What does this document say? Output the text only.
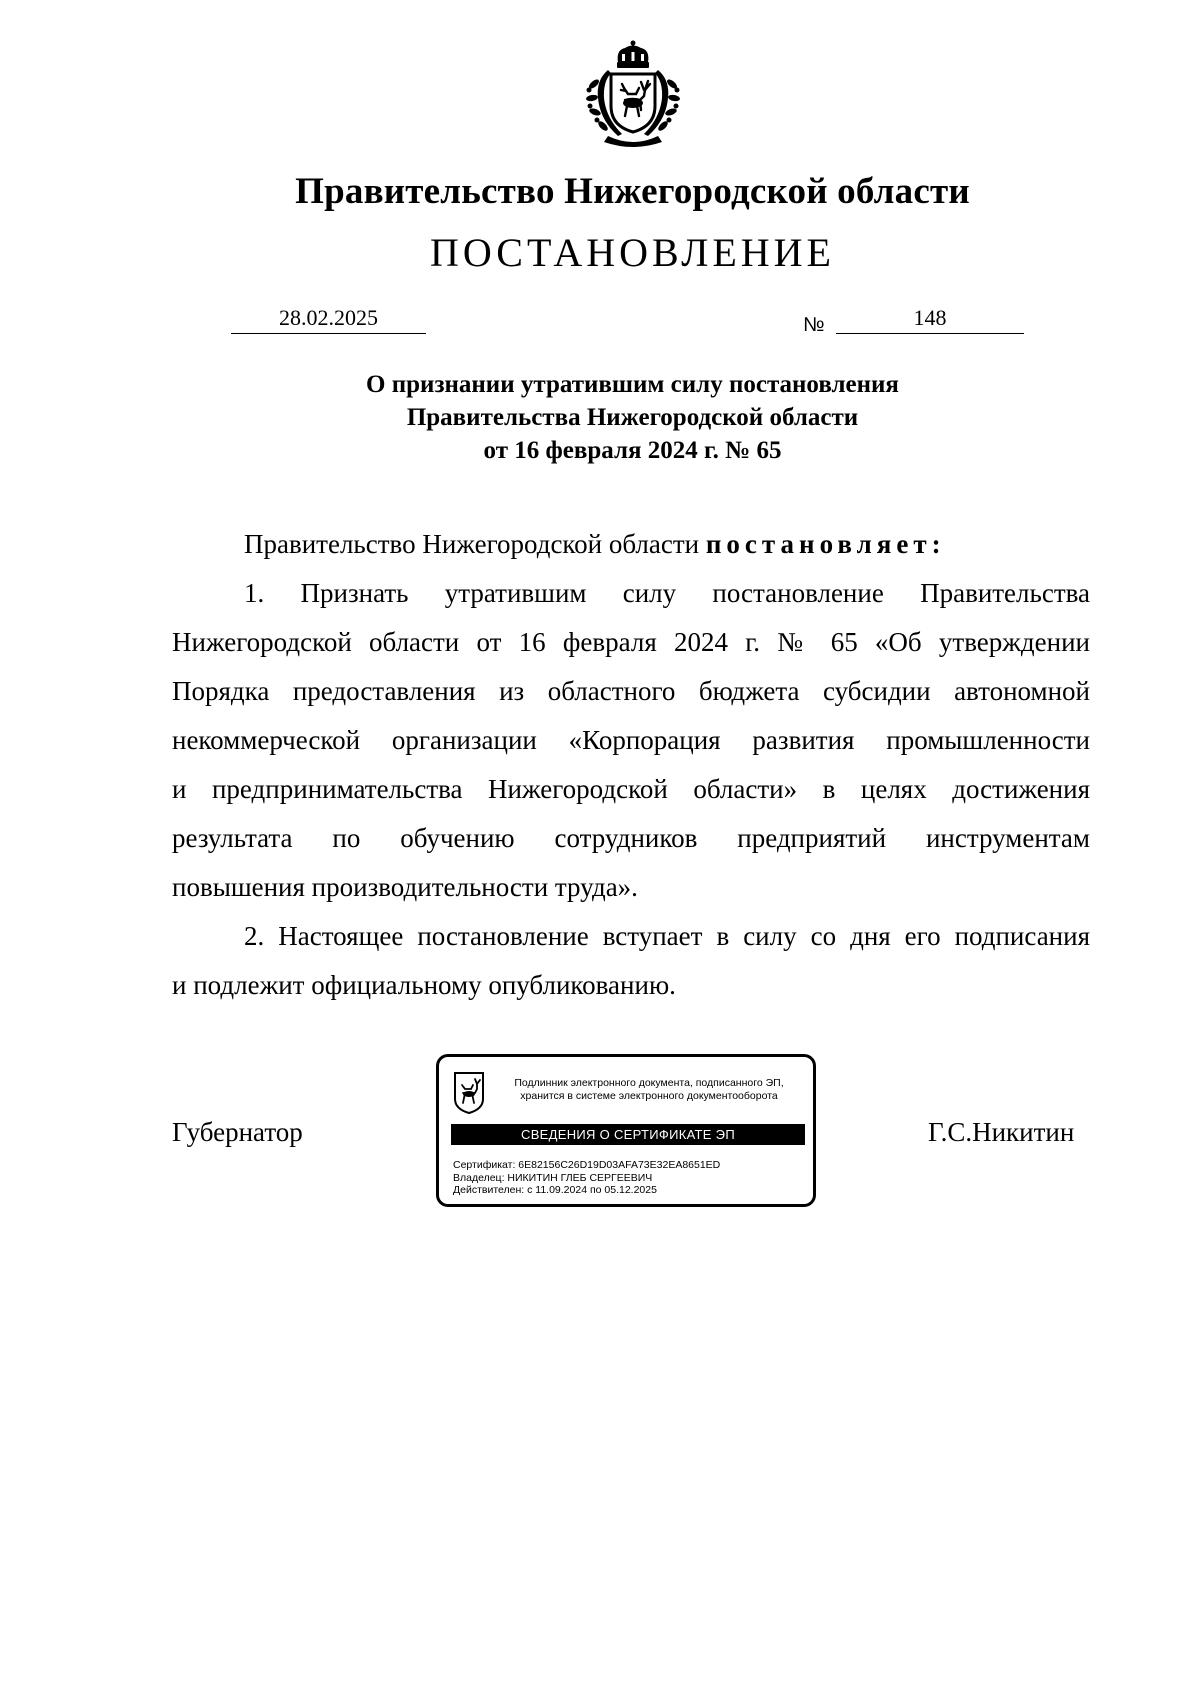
Правительство Нижегородской области
ПОСТАНОВЛЕНИЕ
28.02.2025	№	148
О признании утратившим силу постановления
Правительства Нижегородской области
от 16 февраля 2024 г. № 65
Правительство Нижегородской области постановляет:
1. Признать утратившим силу постановление Правительства
Нижегородской области от 16 февраля 2024 г. № 65 «Об утверждении
Порядка предоставления из областного бюджета субсидии автономной
некоммерческой организации «Корпорация развития промышленности
и предпринимательства Нижегородской области» в целях достижения
результата по обучению сотрудников предприятий инструментам
повышения производительности труда».
2. Настоящее постановление вступает в силу со дня его подписания
и подлежит официальному опубликованию.
Губернатор	Г.С.Никитин
Подлинник электронного документа, подписанного ЭП,
хранится в системе электронного документооборота
СВЕДЕНИЯ О СЕРТИФИКАТЕ ЭП
Сертификат: 6E82156C26D19D03AFA73E32EA8651ED
Владелец: НИКИТИН ГЛЕБ СЕРГЕЕВИЧ
Действителен: с 11.09.2024 по 05.12.2025
